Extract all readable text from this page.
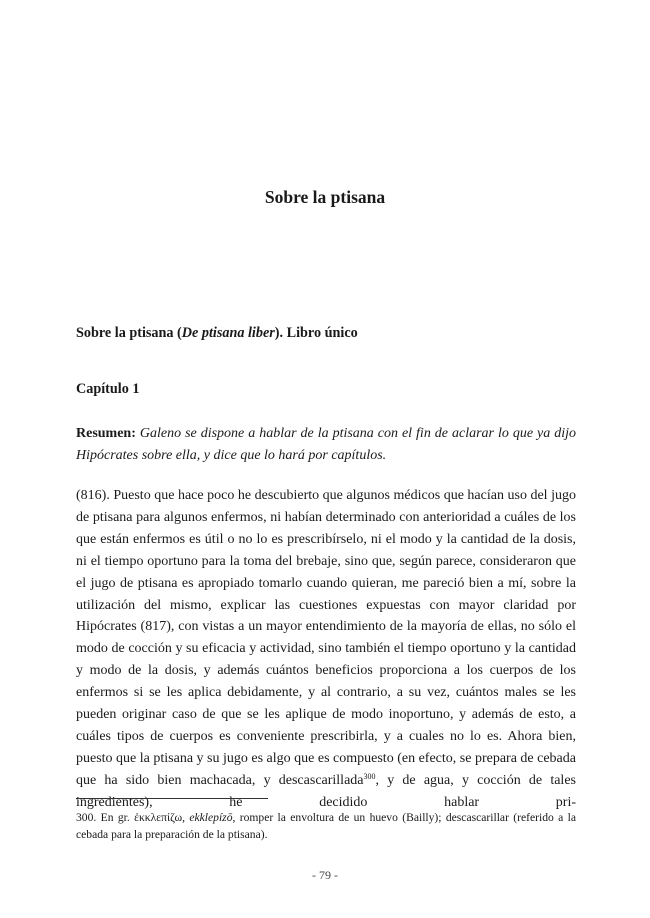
Sobre la ptisana
Sobre la ptisana (De ptisana liber). Libro único
Capítulo 1

Resumen: Galeno se dispone a hablar de la ptisana con el fin de aclarar lo que ya dijo Hipócrates sobre ella, y dice que lo hará por capítulos.

(816). Puesto que hace poco he descubierto que algunos médicos que hacían uso del jugo de ptisana para algunos enfermos, ni habían determinado con anterioridad a cuáles de los que están enfermos es útil o no lo es prescribírselo, ni el modo y la cantidad de la dosis, ni el tiempo oportuno para la toma del brebaje, sino que, según parece, consideraron que el jugo de ptisana es apropiado tomarlo cuando quieran, me pareció bien a mí, sobre la utilización del mismo, explicar las cuestiones expuestas con mayor claridad por Hipócrates (817), con vistas a un mayor entendimiento de la mayoría de ellas, no sólo el modo de cocción y su eficacia y actividad, sino también el tiempo oportuno y la cantidad y modo de la dosis, y además cuántos beneficios proporciona a los cuerpos de los enfermos si se les aplica debidamente, y al contrario, a su vez, cuántos males se les pueden originar caso de que se les aplique de modo inoportuno, y además de esto, a cuáles tipos de cuerpos es conveniente prescribirla, y a cuales no lo es. Ahora bien, puesto que la ptisana y su jugo es algo que es compuesto (en efecto, se prepara de cebada que ha sido bien machacada, y descascarillada$^{300}$, y de agua, y cocción de tales ingredientes), he decidido hablar pri-

300. En gr. ἐκκλεπίζω, ekklepízō, romper la envoltura de un huevo (Bailly); descascarillar (referido a la cebada para la preparación de la ptisana).

- 79 -
